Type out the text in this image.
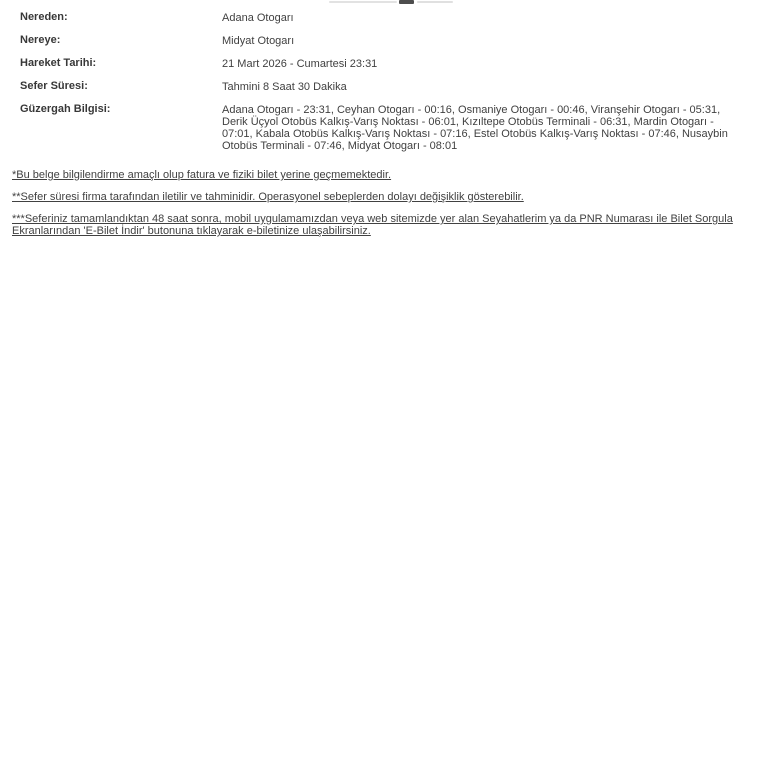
Nereden:	Adana Otogarı
Nereye:	Midyat Otogarı
Hareket Tarihi:	21 Mart 2026 - Cumartesi 23:31
Sefer Süresi:	Tahmini 8 Saat 30 Dakika
Güzergah Bilgisi:	Adana Otogarı - 23:31, Ceyhan Otogarı - 00:16, Osmaniye Otogarı - 00:46, Viranşehir Otogarı - 05:31, Derik Üçyol Otobüs Kalkış-Varış Noktası - 06:01, Kızıltepe Otobüs Terminali - 06:31, Mardin Otogarı - 07:01, Kabala Otobüs Kalkış-Varış Noktası - 07:16, Estel Otobüs Kalkış-Varış Noktası - 07:46, Nusaybin Otobüs Terminali - 07:46, Midyat Otogarı - 08:01

*Bu belge bilgilendirme amaçlı olup fatura ve fiziki bilet yerine geçmemektedir.

**Sefer süresi firma tarafından iletilir ve tahminidir. Operasyonel sebeplerden dolayı değişiklik gösterebilir.

***Seferiniz tamamlandıktan 48 saat sonra, mobil uygulamamızdan veya web sitemizde yer alan Seyahatlerim ya da PNR Numarası ile Bilet Sorgula Ekranlarından 'E-Bilet İndir' butonuna tıklayarak e-biletinize ulaşabilirsiniz.
